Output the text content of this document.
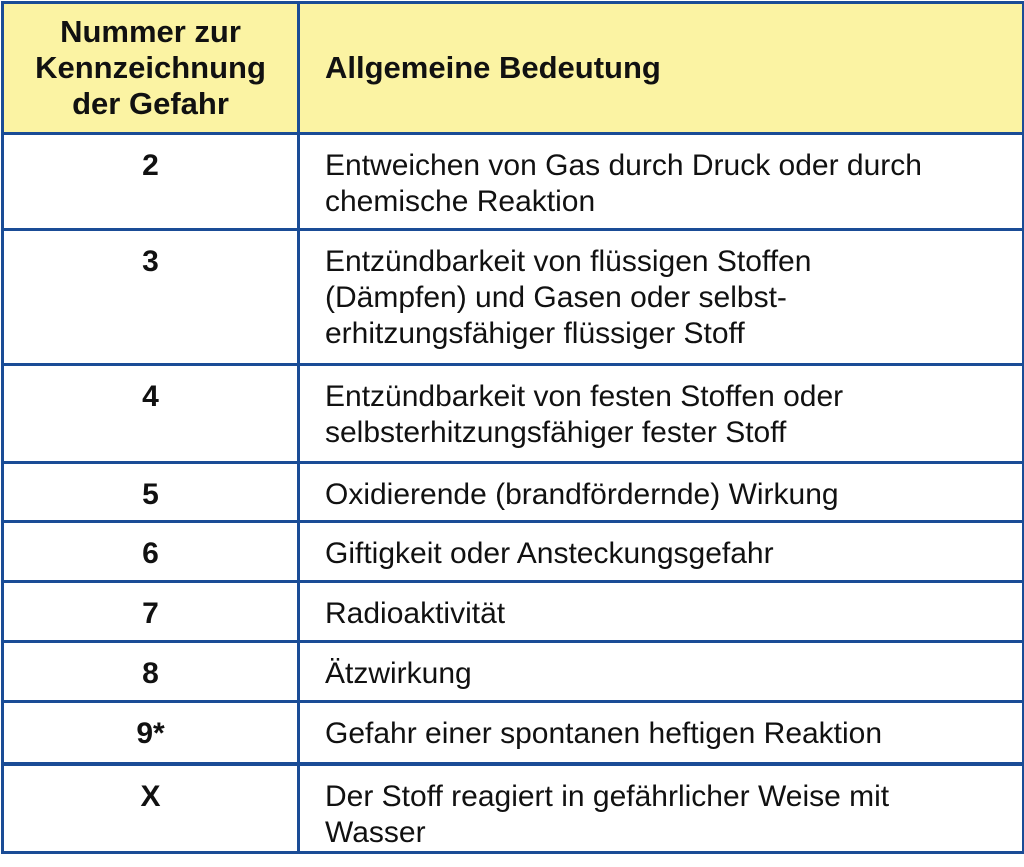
Nummer zur Kennzeichnung der Gefahr	Allgemeine Bedeutung
2	Entweichen von Gas durch Druck oder durch chemische Reaktion
3	Entzündbarkeit von flüssigen Stoffen (Dämpfen) und Gasen oder selbst-erhitzungsfähiger flüssiger Stoff
4	Entzündbarkeit von festen Stoffen oder selbsterhitzungsfähiger fester Stoff
5	Oxidierende (brandfördernde) Wirkung
6	Giftigkeit oder Ansteckungsgefahr
7	Radioaktivität
8	Ätzwirkung
9*	Gefahr einer spontanen heftigen Reaktion
X	Der Stoff reagiert in gefährlicher Weise mit Wasser
